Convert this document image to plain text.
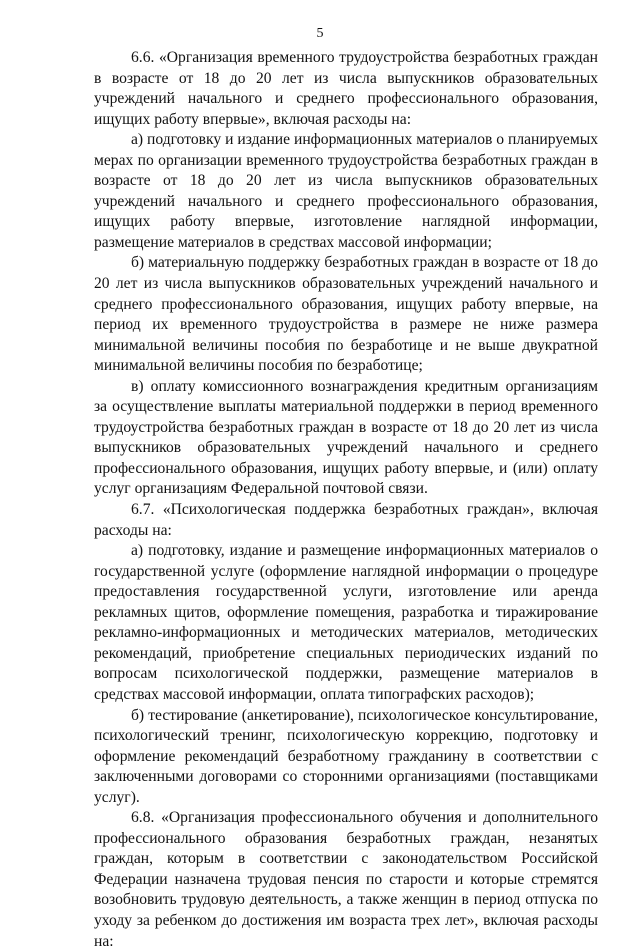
5

6.6. «Организация временного трудоустройства безработных граждан в возрасте от 18 до 20 лет из числа выпускников образовательных учреждений начального и среднего профессионального образования, ищущих работу впервые», включая расходы на:

а) подготовку и издание информационных материалов о планируемых мерах по организации временного трудоустройства безработных граждан в возрасте от 18 до 20 лет из числа выпускников образовательных учреждений начального и среднего профессионального образования, ищущих работу впервые, изготовление наглядной информации, размещение материалов в средствах массовой информации;

б) материальную поддержку безработных граждан в возрасте от 18 до 20 лет из числа выпускников образовательных учреждений начального и среднего профессионального образования, ищущих работу впервые, на период их временного трудоустройства в размере не ниже размера минимальной величины пособия по безработице и не выше двукратной минимальной величины пособия по безработице;

в) оплату комиссионного вознаграждения кредитным организациям за осуществление выплаты материальной поддержки в период временного трудоустройства безработных граждан в возрасте от 18 до 20 лет из числа выпускников образовательных учреждений начального и среднего профессионального образования, ищущих работу впервые, и (или) оплату услуг организациям Федеральной почтовой связи.

6.7. «Психологическая поддержка безработных граждан», включая расходы на:

а) подготовку, издание и размещение информационных материалов о государственной услуге (оформление наглядной информации о процедуре предоставления государственной услуги, изготовление или аренда рекламных щитов, оформление помещения, разработка и тиражирование рекламно-информационных и методических материалов, методических рекомендаций, приобретение специальных периодических изданий по вопросам психологической поддержки, размещение материалов в средствах массовой информации, оплата типографских расходов);

б) тестирование (анкетирование), психологическое консультирование, психологический тренинг, психологическую коррекцию, подготовку и оформление рекомендаций безработному гражданину в соответствии с заключенными договорами со сторонними организациями (поставщиками услуг).

6.8. «Организация профессионального обучения и дополнительного профессионального образования безработных граждан, незанятых граждан, которым в соответствии с законодательством Российской Федерации назначена трудовая пенсия по старости и которые стремятся возобновить трудовую деятельность, а также женщин в период отпуска по уходу за ребенком до достижения им возраста трех лет», включая расходы на:
